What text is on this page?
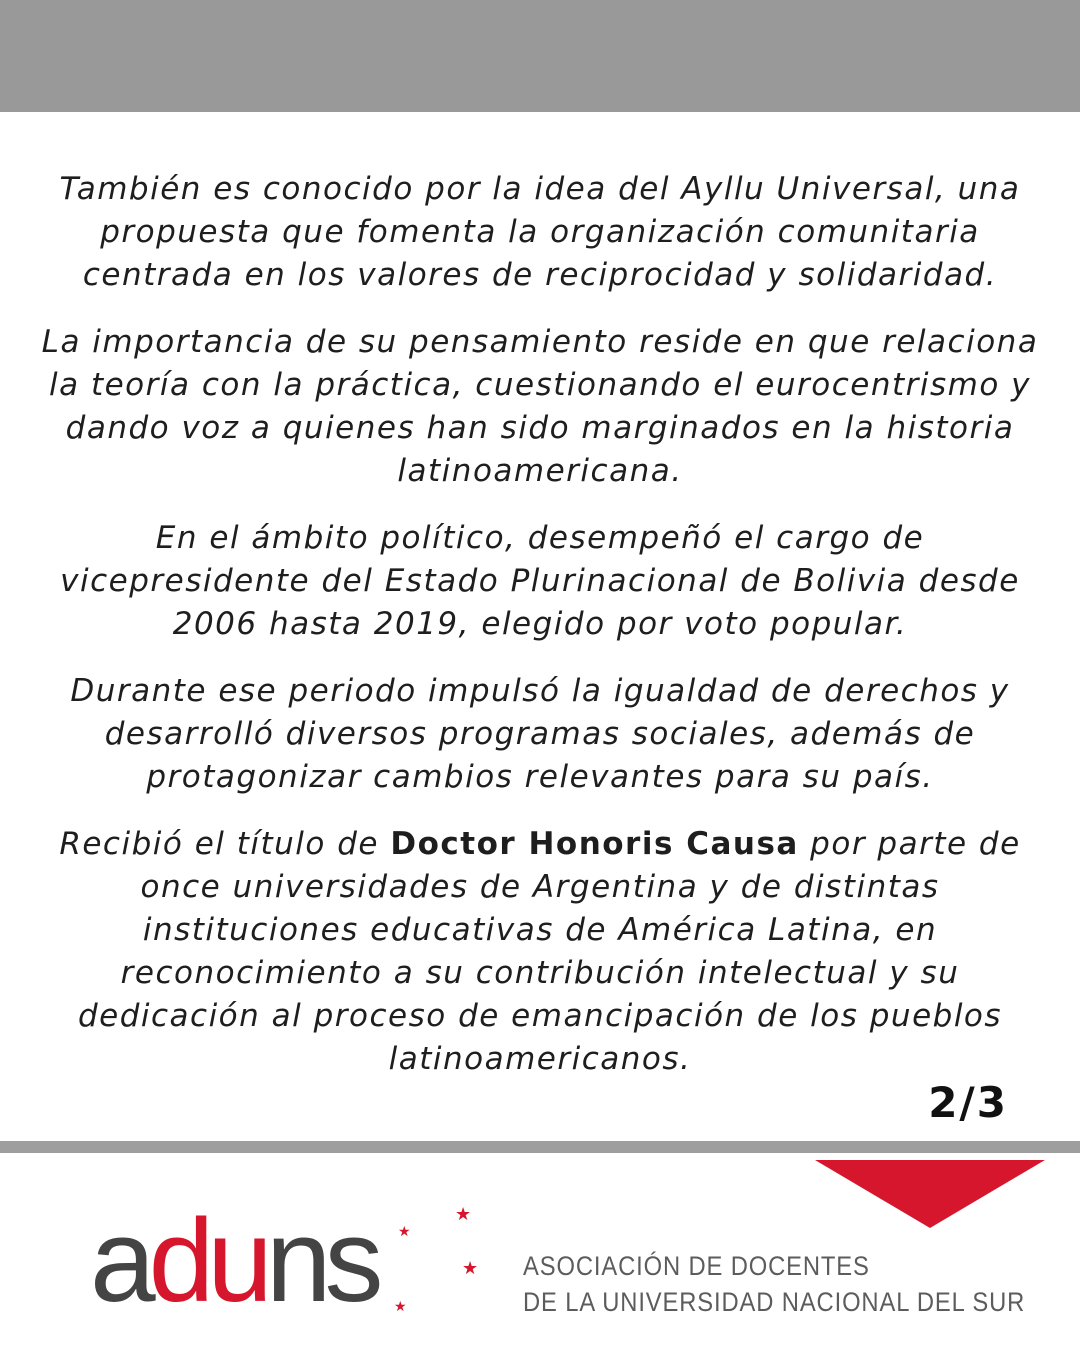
También es conocido por la idea del Ayllu Universal, una propuesta que fomenta la organización comunitaria centrada en los valores de reciprocidad y solidaridad.

La importancia de su pensamiento reside en que relaciona la teoría con la práctica, cuestionando el eurocentrismo y dando voz a quienes han sido marginados en la historia latinoamericana.

En el ámbito político, desempeñó el cargo de vicepresidente del Estado Plurinacional de Bolivia desde 2006 hasta 2019, elegido por voto popular.

Durante ese periodo impulsó la igualdad de derechos y desarrolló diversos programas sociales, además de protagonizar cambios relevantes para su país.

Recibió el título de Doctor Honoris Causa por parte de once universidades de Argentina y de distintas instituciones educativas de América Latina, en reconocimiento a su contribución intelectual y su dedicación al proceso de emancipación de los pueblos latinoamericanos.

2/3
aduns	★
★
★
★
ASOCIACIÓN DE DOCENTES
DE LA UNIVERSIDAD NACIONAL DEL SUR
